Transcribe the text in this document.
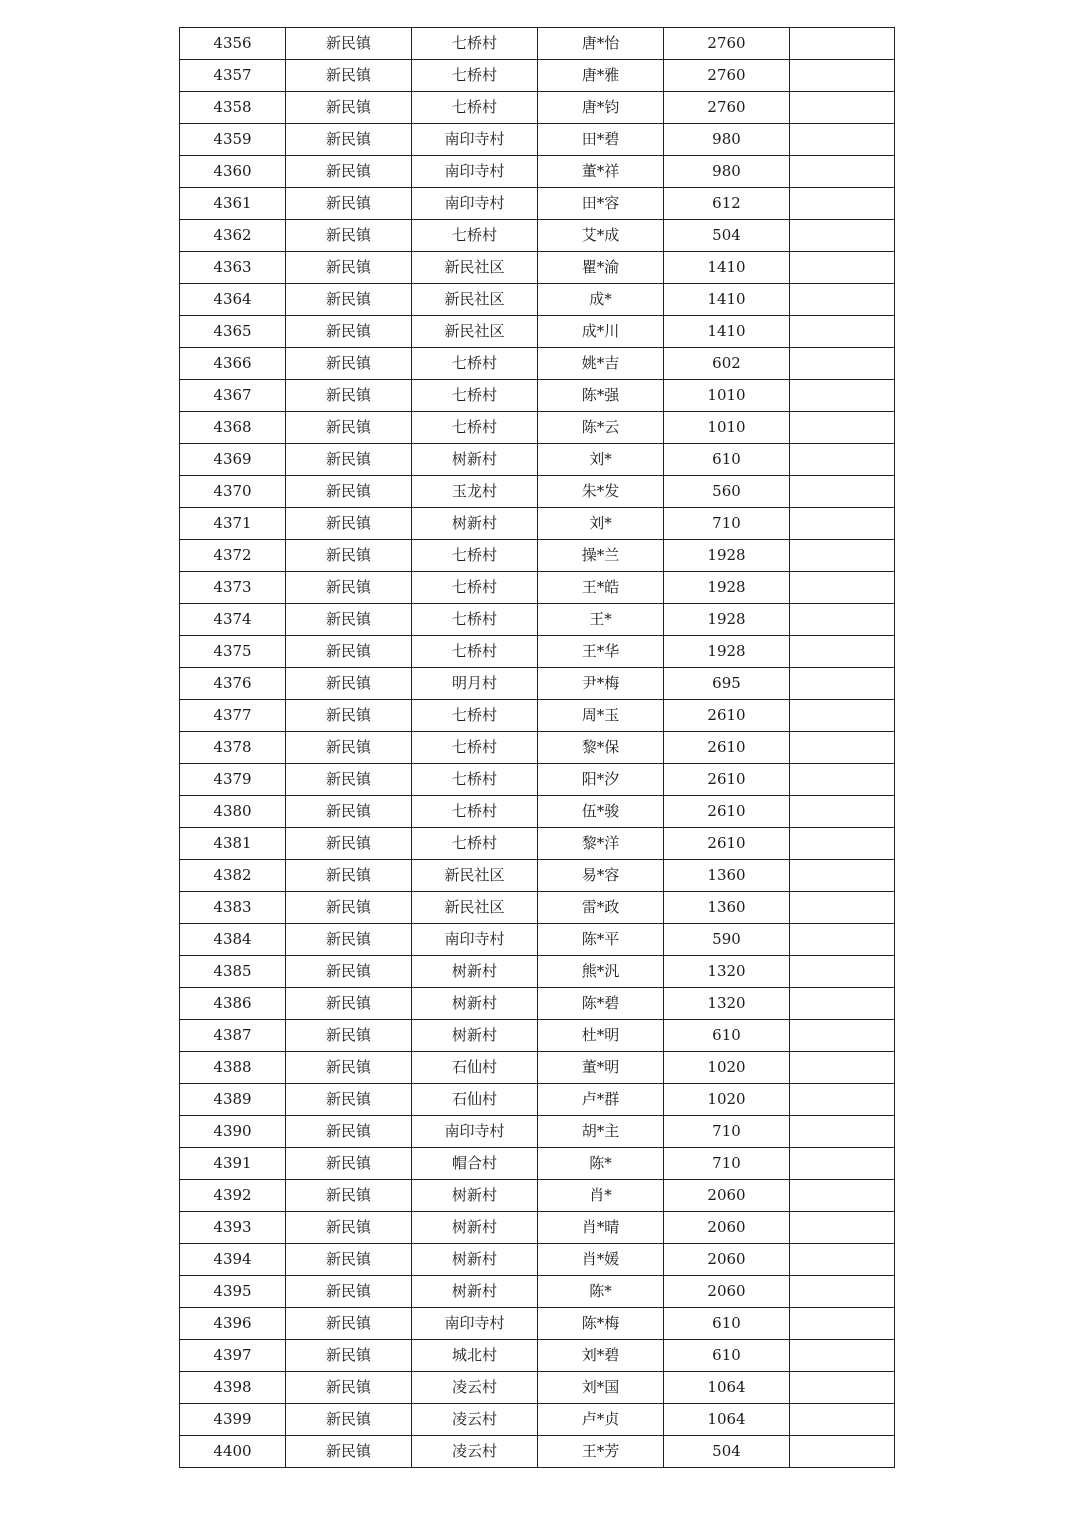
4356	新民镇	七桥村	唐*怡	2760	
4357	新民镇	七桥村	唐*雅	2760	
4358	新民镇	七桥村	唐*钧	2760	
4359	新民镇	南印寺村	田*碧	980	
4360	新民镇	南印寺村	董*祥	980	
4361	新民镇	南印寺村	田*容	612	
4362	新民镇	七桥村	艾*成	504	
4363	新民镇	新民社区	瞿*渝	1410	
4364	新民镇	新民社区	成*	1410	
4365	新民镇	新民社区	成*川	1410	
4366	新民镇	七桥村	姚*吉	602	
4367	新民镇	七桥村	陈*强	1010	
4368	新民镇	七桥村	陈*云	1010	
4369	新民镇	树新村	刘*	610	
4370	新民镇	玉龙村	朱*发	560	
4371	新民镇	树新村	刘*	710	
4372	新民镇	七桥村	操*兰	1928	
4373	新民镇	七桥村	王*皓	1928	
4374	新民镇	七桥村	王*	1928	
4375	新民镇	七桥村	王*华	1928	
4376	新民镇	明月村	尹*梅	695	
4377	新民镇	七桥村	周*玉	2610	
4378	新民镇	七桥村	黎*保	2610	
4379	新民镇	七桥村	阳*汐	2610	
4380	新民镇	七桥村	伍*骏	2610	
4381	新民镇	七桥村	黎*洋	2610	
4382	新民镇	新民社区	易*容	1360	
4383	新民镇	新民社区	雷*政	1360	
4384	新民镇	南印寺村	陈*平	590	
4385	新民镇	树新村	熊*汎	1320	
4386	新民镇	树新村	陈*碧	1320	
4387	新民镇	树新村	杜*明	610	
4388	新民镇	石仙村	董*明	1020	
4389	新民镇	石仙村	卢*群	1020	
4390	新民镇	南印寺村	胡*主	710	
4391	新民镇	帽合村	陈*	710	
4392	新民镇	树新村	肖*	2060	
4393	新民镇	树新村	肖*晴	2060	
4394	新民镇	树新村	肖*媛	2060	
4395	新民镇	树新村	陈*	2060	
4396	新民镇	南印寺村	陈*梅	610	
4397	新民镇	城北村	刘*碧	610	
4398	新民镇	凌云村	刘*国	1064	
4399	新民镇	凌云村	卢*贞	1064	
4400	新民镇	凌云村	王*芳	504	
